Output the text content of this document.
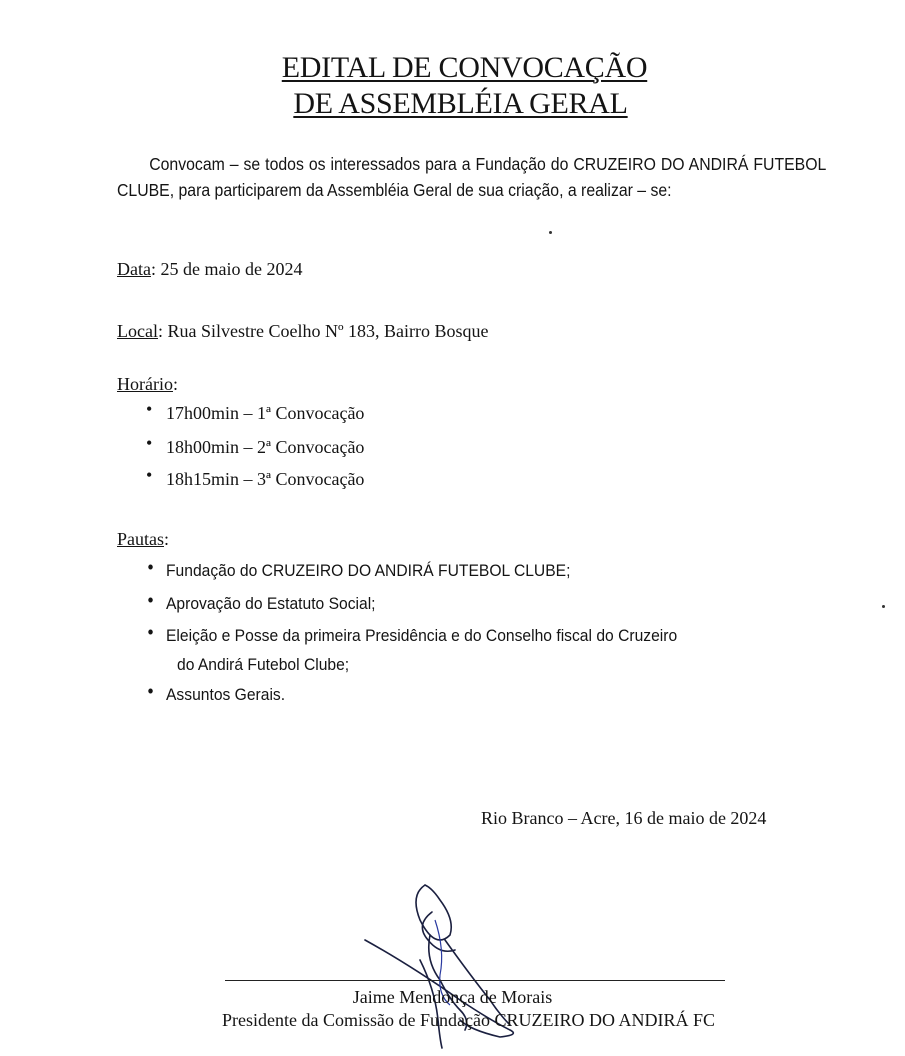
EDITAL DE CONVOCAÇÃO
DE ASSEMBLÉIA GERAL
Convocam – se todos os interessados para a Fundação do CRUZEIRO DO ANDIRÁ FUTEBOL CLUBE, para participarem da Assembléia Geral de sua criação, a realizar – se:
Data: 25 de maio de 2024
Local: Rua Silvestre Coelho Nº 183, Bairro Bosque
Horário:
• 17h00min – 1ª Convocação
• 18h00min – 2ª Convocação
• 18h15min – 3ª Convocação
Pautas:
• Fundação do CRUZEIRO DO ANDIRÁ FUTEBOL CLUBE;
• Aprovação do Estatuto Social;
• Eleição e Posse da primeira Presidência e do Conselho fiscal do Cruzeiro
do Andirá Futebol Clube;
• Assuntos Gerais.
Rio Branco – Acre, 16 de maio de 2024
Jaime Mendonça de Morais
Presidente da Comissão de Fundação CRUZEIRO DO ANDIRÁ FC
